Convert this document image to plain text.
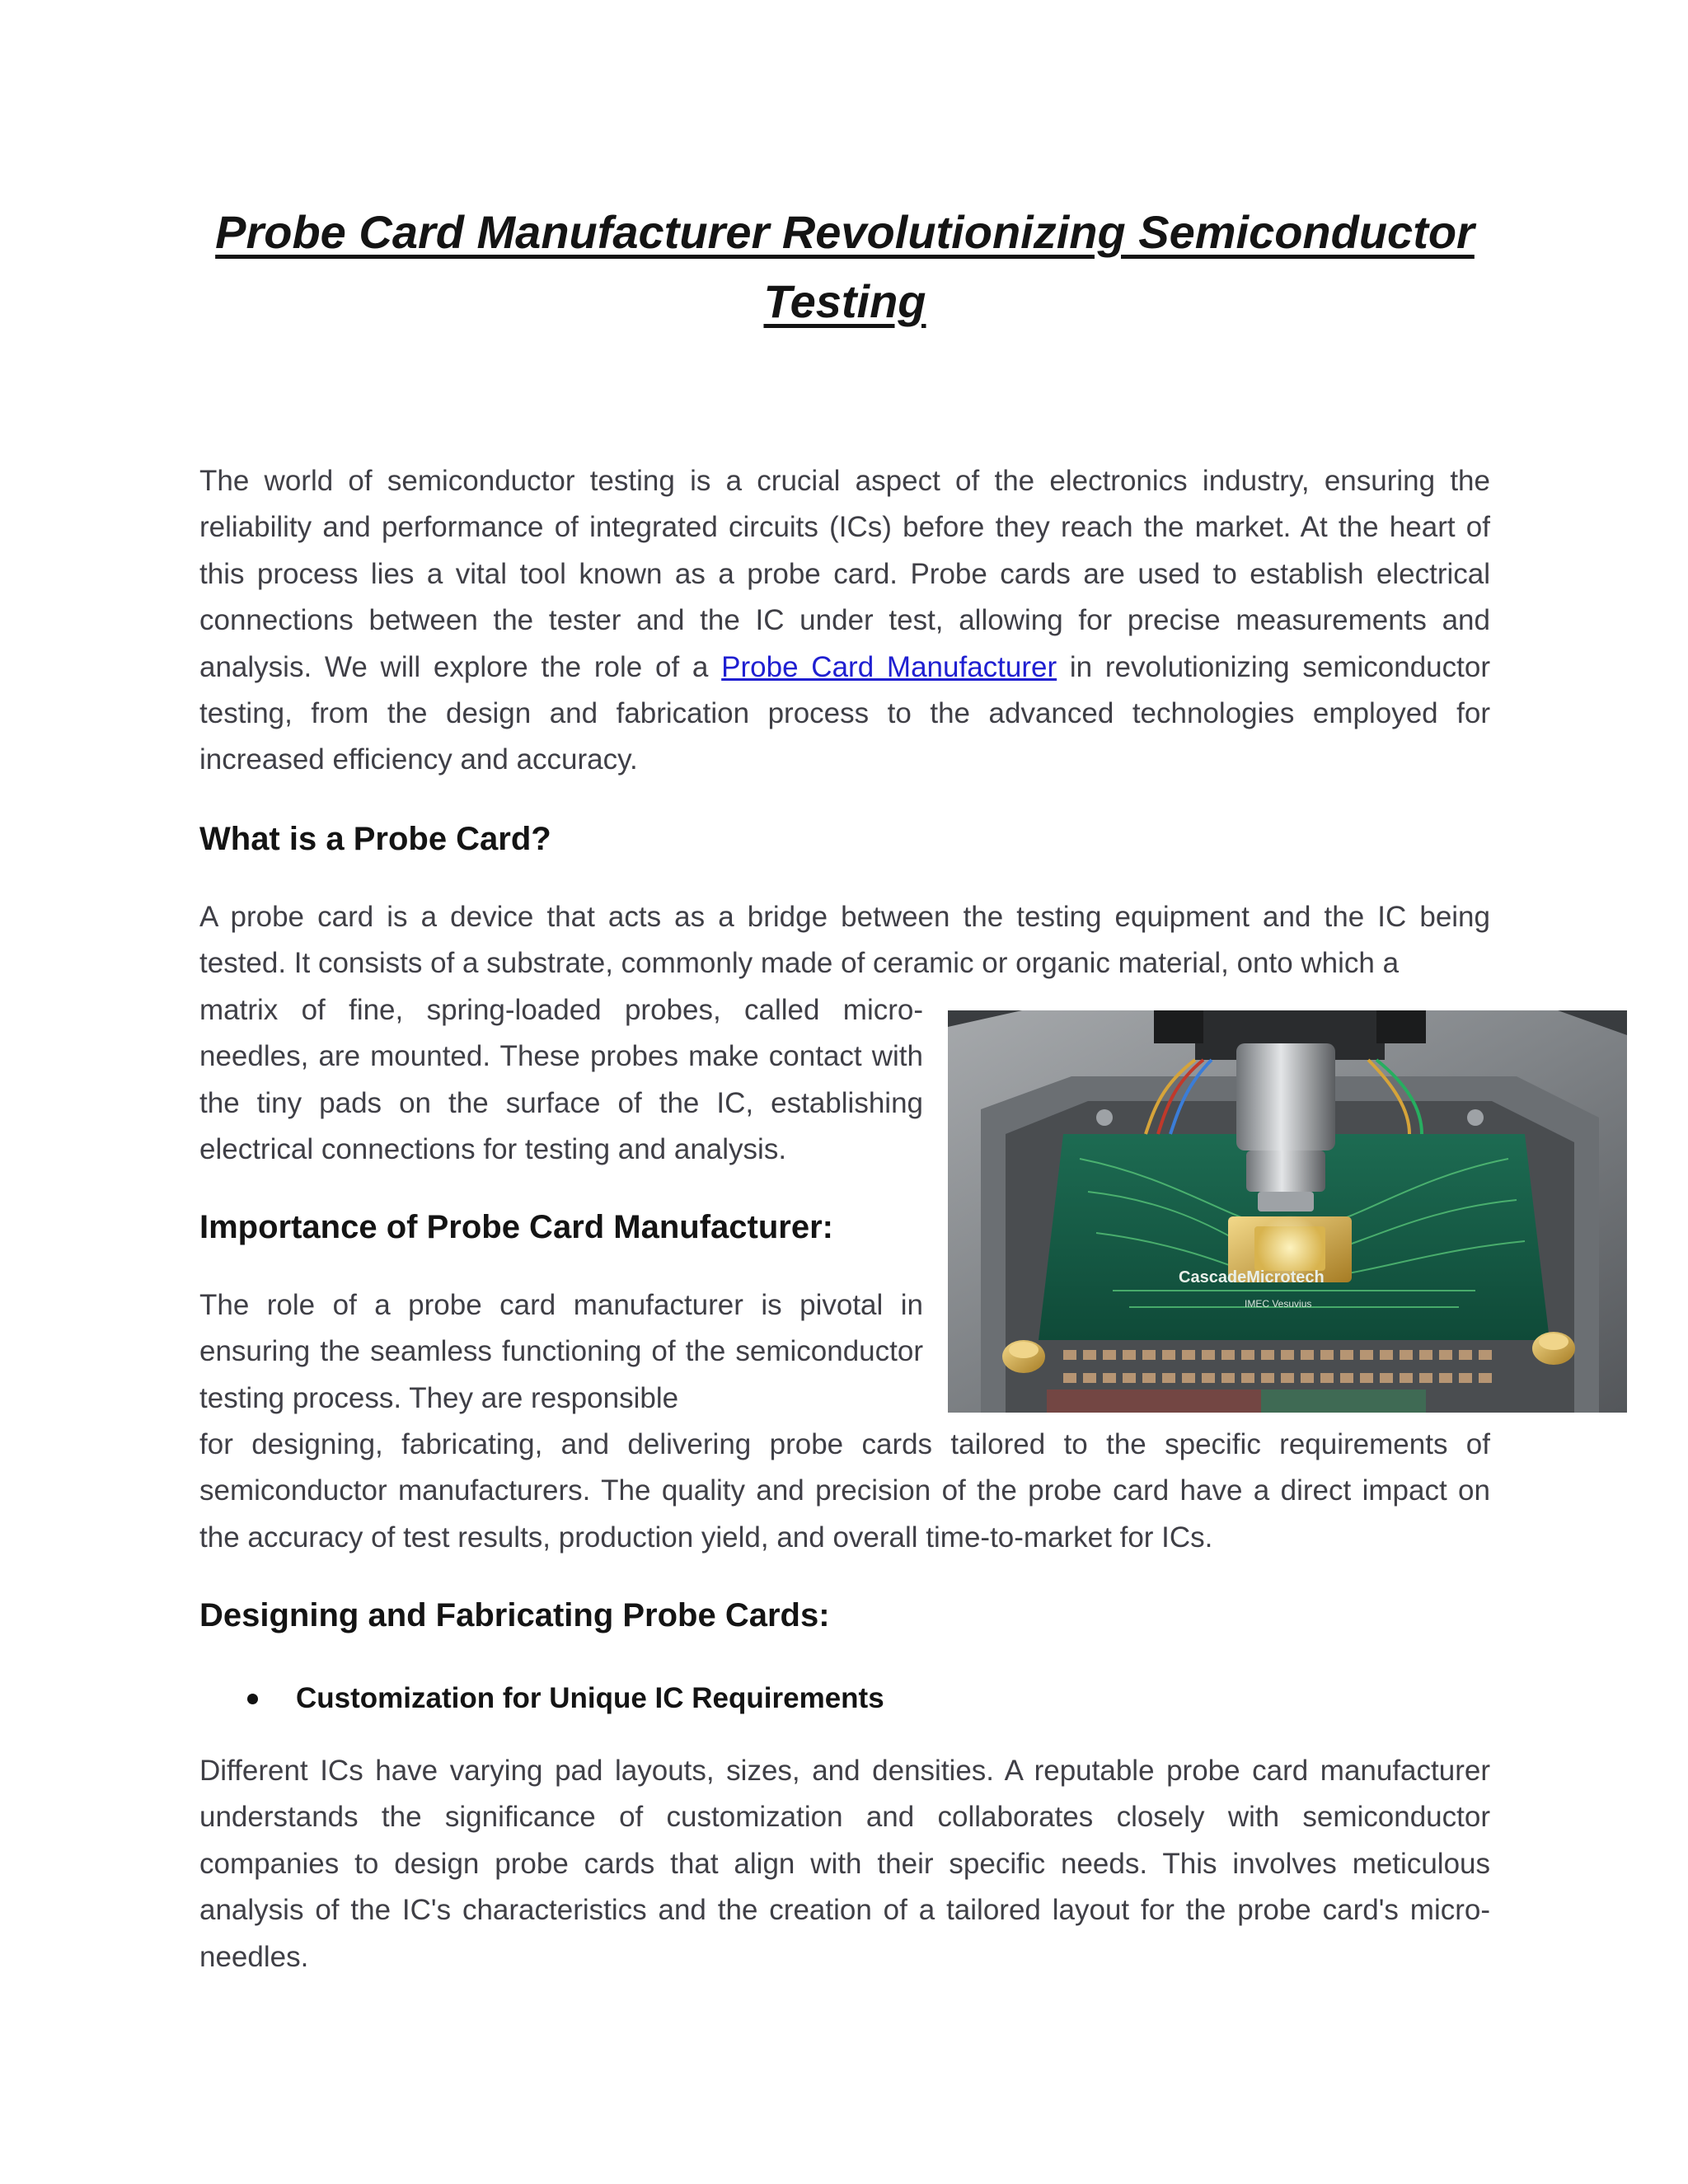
Probe Card Manufacturer Revolutionizing Semiconductor Testing

The world of semiconductor testing is a crucial aspect of the electronics industry, ensuring the reliability and performance of integrated circuits (ICs) before they reach the market. At the heart of this process lies a vital tool known as a probe card. Probe cards are used to establish electrical connections between the tester and the IC under test, allowing for precise measurements and analysis. We will explore the role of a Probe Card Manufacturer in revolutionizing semiconductor testing, from the design and fabrication process to the advanced technologies employed for increased efficiency and accuracy.

What is a Probe Card?

A probe card is a device that acts as a bridge between the testing equipment and the IC being tested. It consists of a substrate, commonly made of ceramic or organic material, onto which a

matrix of fine, spring-loaded probes, called micro-needles, are mounted. These probes make contact with the tiny pads on the surface of the IC, establishing electrical connections for testing and analysis.

Importance of Probe Card Manufacturer:

The role of a probe card manufacturer is pivotal in ensuring the seamless functioning of the semiconductor testing process. They are responsible

for designing, fabricating, and delivering probe cards tailored to the specific requirements of semiconductor manufacturers. The quality and precision of the probe card have a direct impact on the accuracy of test results, production yield, and overall time-to-market for ICs.

Designing and Fabricating Probe Cards:
Customization for Unique IC Requirements

Different ICs have varying pad layouts, sizes, and densities. A reputable probe card manufacturer understands the significance of customization and collaborates closely with semiconductor companies to design probe cards that align with their specific needs. This involves meticulous analysis of the IC's characteristics and the creation of a tailored layout for the probe card's micro-needles.

CascadeMicrotech
IMEC Vesuvius
